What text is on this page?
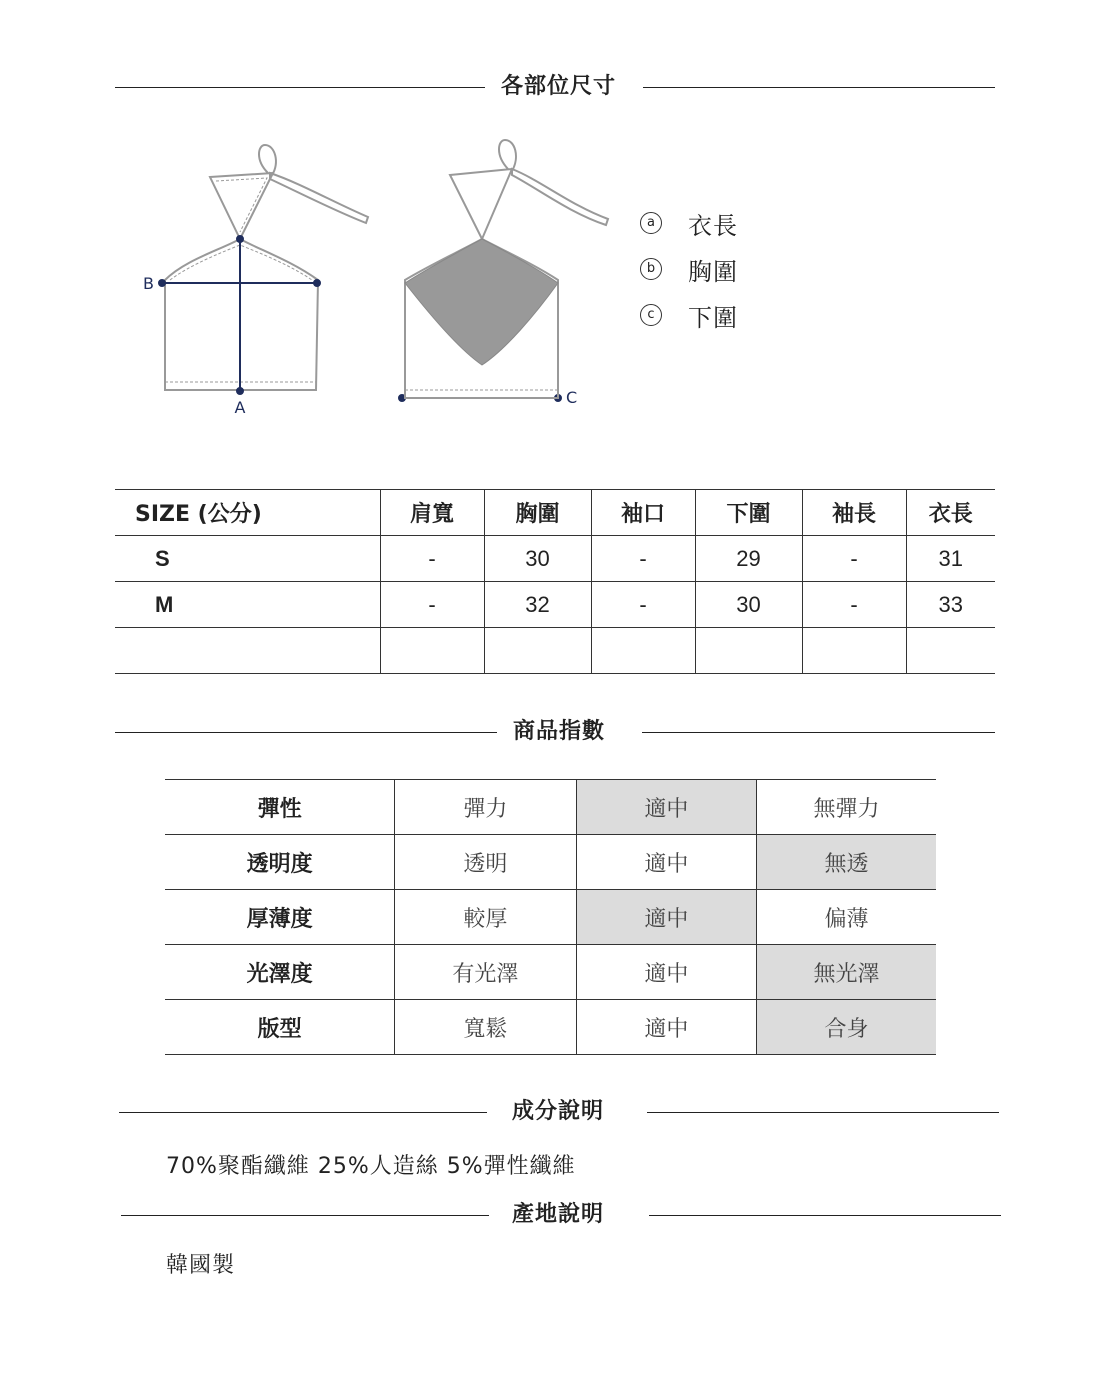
各部位尺寸
A
B
C
a 衣長
b 胸圍
c	下圍
SIZE (公分)	肩寬	胸圍	袖口	下圍	袖長	衣長
S	-	30	-	29	-	31
M	-	32	-	30	-	33

商品指數
彈性	彈力	適中	無彈力
透明度	透明	適中	無透
厚薄度	較厚	適中	偏薄
光澤度	有光澤	適中	無光澤
版型	寬鬆	適中	合身
成分說明
70%聚酯纖維 25%人造絲 5%彈性纖維
產地說明
韓國製
